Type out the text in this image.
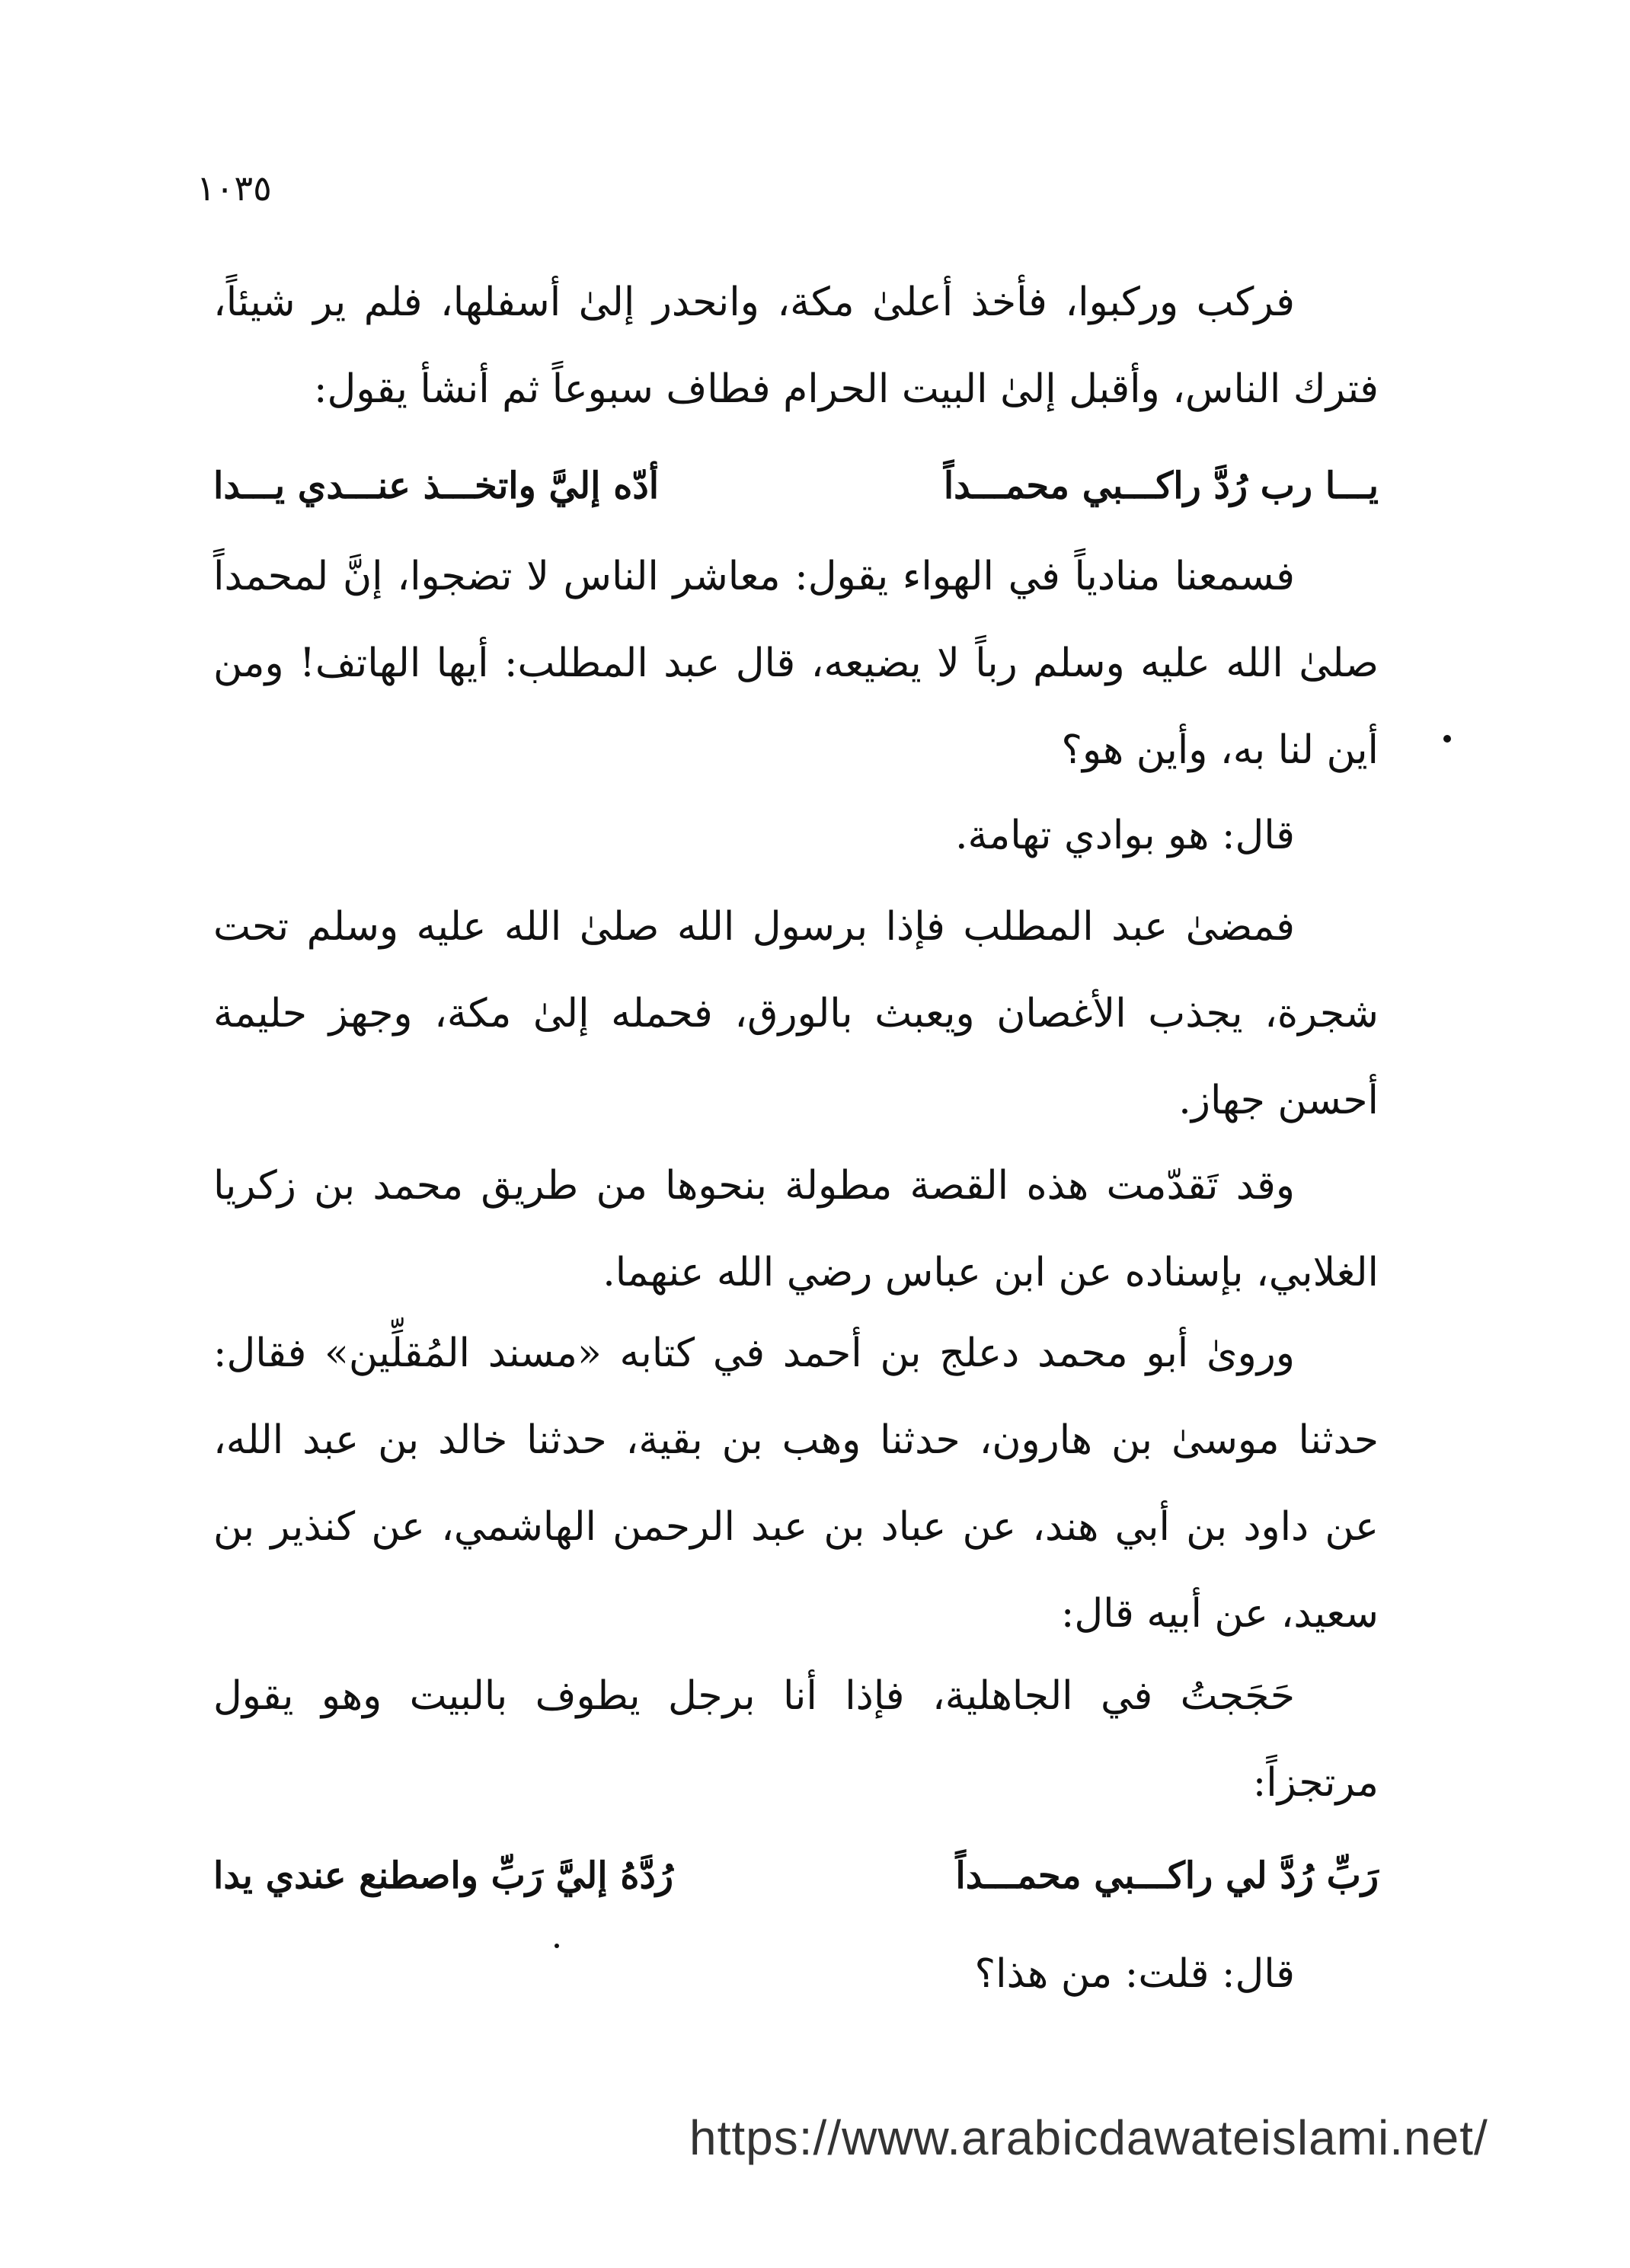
١٠٣٥
فركب وركبوا، فأخذ أعلىٰ مكة، وانحدر إلىٰ أسفلها، فلم ير شيئاً،
فترك الناس، وأقبل إلىٰ البيت الحرام فطاف سبوعاً ثم أنشأ يقول:
يـــا رب رُدَّ راكـــبي محمـــداً
أدّه إليَّ واتخـــذ عنـــدي يـــدا
فسمعنا منادياً في الهواء يقول: معاشر الناس لا تضجوا، إنَّ لمحمداً
صلىٰ الله عليه وسلم رباً لا يضيعه، قال عبد المطلب: أيها الهاتف! ومن
أين لنا به، وأين هو؟
قال: هو بوادي تهامة.
فمضىٰ عبد المطلب فإذا برسول الله صلىٰ الله عليه وسلم تحت
شجرة، يجذب الأغصان ويعبث بالورق، فحمله إلىٰ مكة، وجهز حليمة
أحسن جهاز.
وقد تَقدّمت هذه القصة مطولة بنحوها من طريق محمد بن زكريا
الغلابي، بإسناده عن ابن عباس رضي الله عنهما.
وروىٰ أبو محمد دعلج بن أحمد في كتابه «مسند المُقلِّين» فقال:
حدثنا موسىٰ بن هارون، حدثنا وهب بن بقية، حدثنا خالد بن عبد الله،
عن داود بن أبي هند، عن عباد بن عبد الرحمن الهاشمي، عن كنذير بن
سعيد، عن أبيه قال:
حَجَجتُ في الجاهلية، فإذا أنا برجل يطوف بالبيت وهو يقول
مرتجزاً:
رَبِّ رُدَّ لي راكـــبي محمـــداً
رُدَّهُ إليَّ رَبِّ واصطنع عندي يدا
قال: قلت: من هذا؟
https://www.arabicdawateislami.net/
